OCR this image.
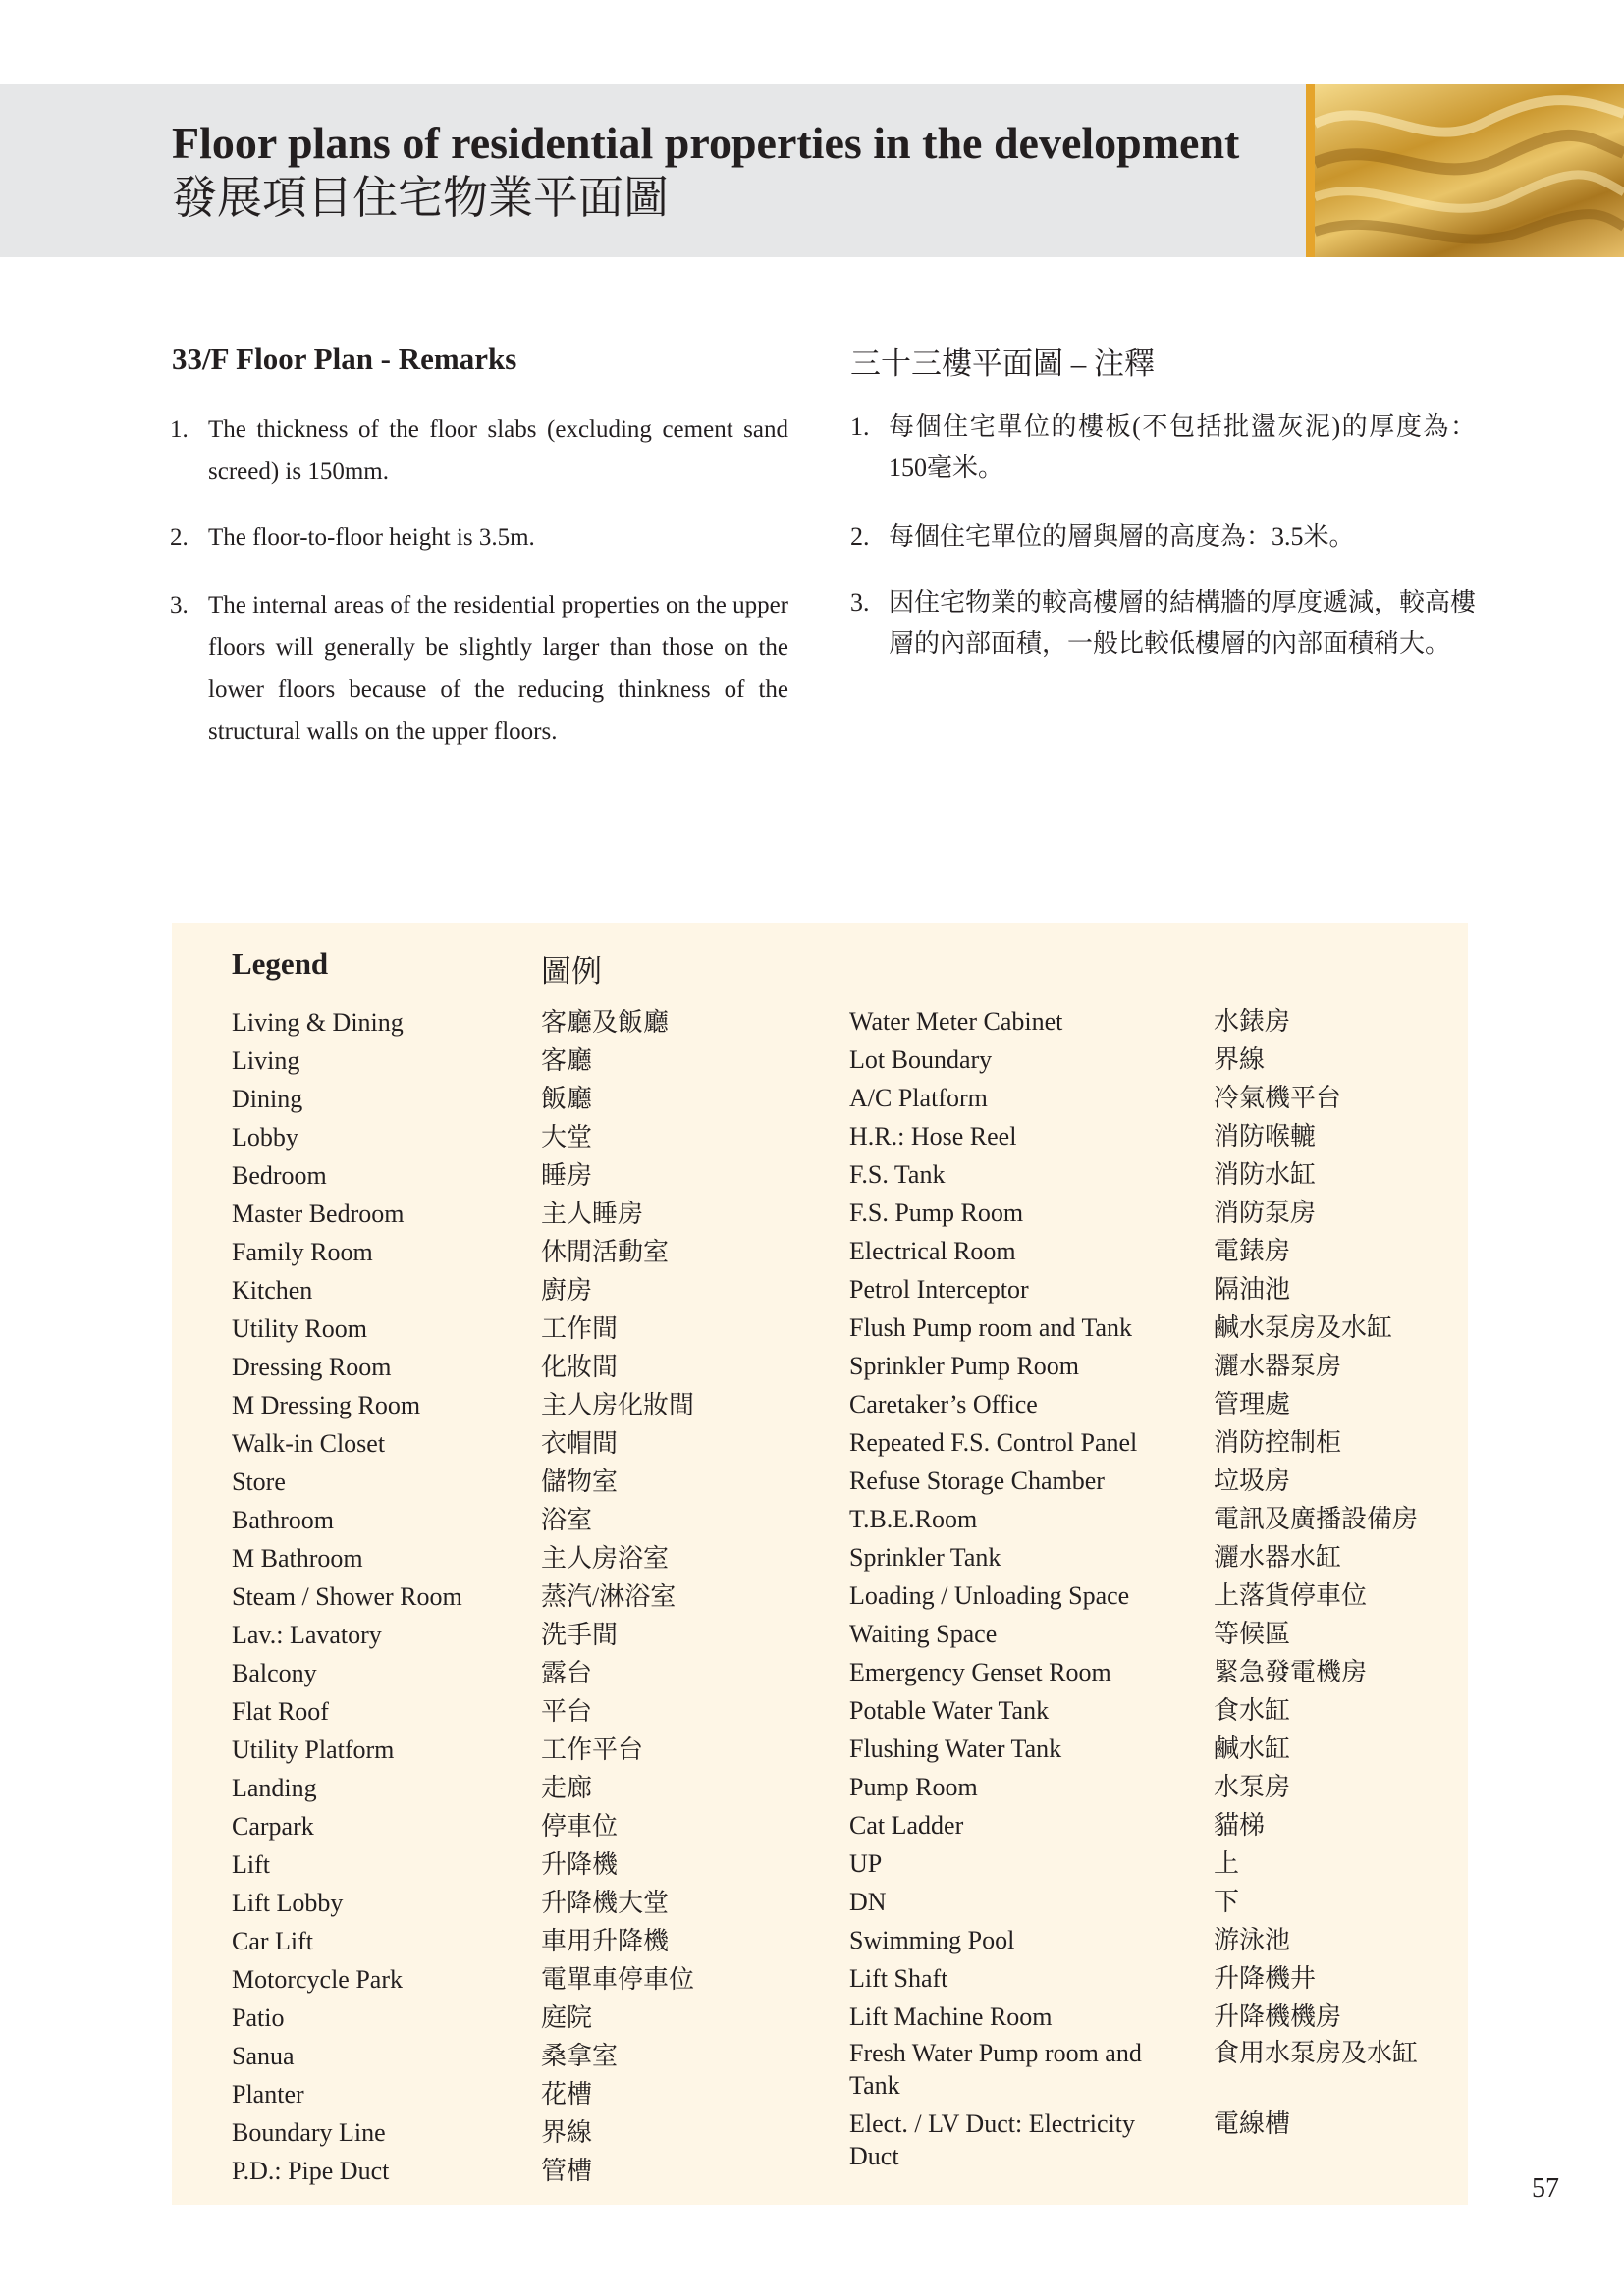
Floor plans of residential properties in the development
發展項目住宅物業平面圖
33/F Floor Plan - Remarks	三十三樓平面圖 – 注釋
1. The thickness of the floor slabs (excluding cement sand screed) is 150mm.
2. The floor-to-floor height is 3.5m.
3. The internal areas of the residential properties on the upper floors will generally be slightly larger than those on the lower floors because of the reducing thinkness of the structural walls on the upper floors.
1. 每個住宅單位的樓板(不包括批盪灰泥)的厚度為：150毫米。
2. 每個住宅單位的層與層的高度為：3.5米。
3. 因住宅物業的較高樓層的結構牆的厚度遞減，較高樓層的內部面積，一般比較低樓層的內部面積稍大。
Legend	圖例
Living & Dining
Living
Dining
Lobby
Bedroom
Master Bedroom
Family Room
Kitchen
Utility Room
Dressing Room
M Dressing Room
Walk-in Closet
Store
Bathroom
M Bathroom
Steam / Shower Room
Lav.: Lavatory
Balcony
Flat Roof
Utility Platform
Landing
Carpark
Lift
Lift Lobby
Car Lift
Motorcycle Park
Patio
Sanua
Planter
Boundary Line
P.D.: Pipe Duct
客廳及飯廳
客廳
飯廳
大堂
睡房
主人睡房
休閒活動室
廚房
工作間
化妝間
主人房化妝間
衣帽間
儲物室
浴室
主人房浴室
蒸汽/淋浴室
洗手間
露台
平台
工作平台
走廊
停車位
升降機
升降機大堂
車用升降機
電單車停車位
庭院
桑拿室
花槽
界線
管槽
Water Meter Cabinet
Lot Boundary
A/C Platform
H.R.: Hose Reel
F.S. Tank
F.S. Pump Room
Electrical Room
Petrol Interceptor
Flush Pump room and Tank
Sprinkler Pump Room
Caretaker’s Office
Repeated F.S. Control Panel
Refuse Storage Chamber
T.B.E.Room
Sprinkler Tank
Loading / Unloading Space
Waiting Space
Emergency Genset Room
Potable Water Tank
Flushing Water Tank
Pump Room
Cat Ladder
UP
DN
Swimming Pool
Lift Shaft
Lift Machine Room
Fresh Water Pump room and Tank
Elect. / LV Duct: Electricity Duct
水錶房
界線
冷氣機平台
消防喉轆
消防水缸
消防泵房
電錶房
隔油池
鹹水泵房及水缸
灑水器泵房
管理處
消防控制柜
垃圾房
電訊及廣播設備房
灑水器水缸
上落貨停車位
等候區
緊急發電機房
食水缸
鹹水缸
水泵房
貓梯
上
下
游泳池
升降機井
升降機機房
食用水泵房及水缸
電線槽
57
